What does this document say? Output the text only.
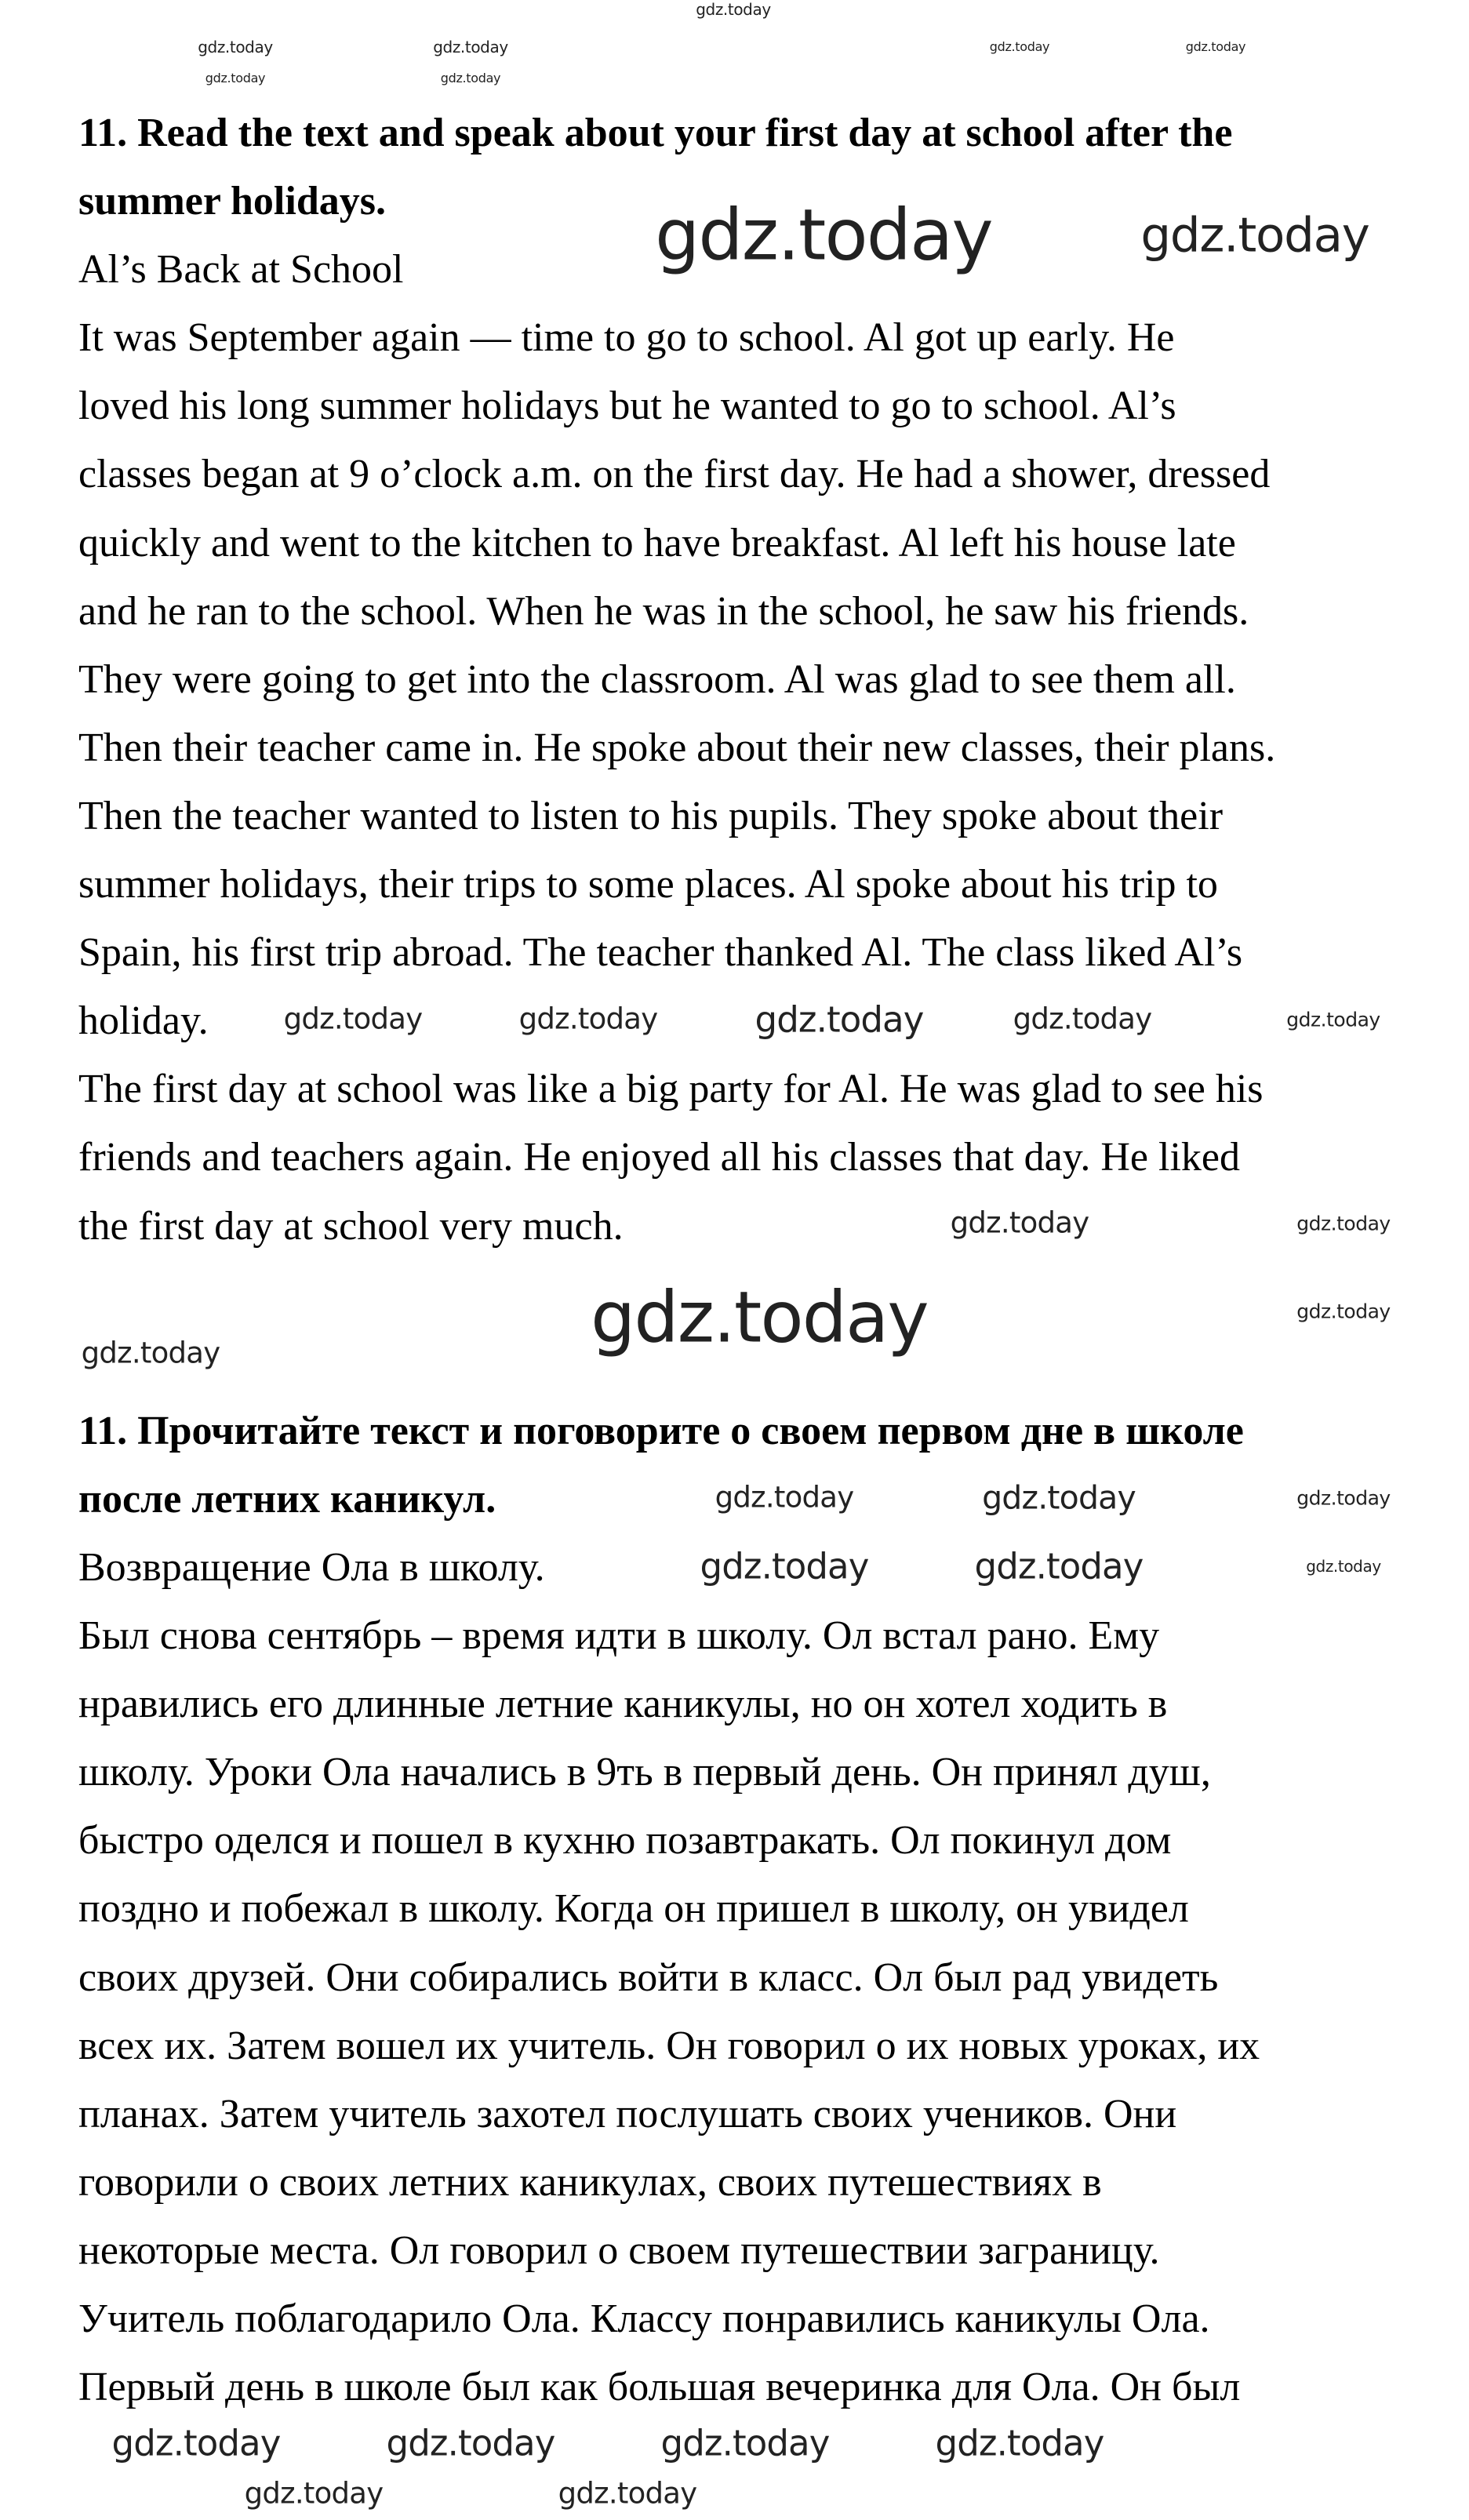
11. Read the text and speak about your first day at school after the
summer holidays.
Al’s Back at School
It was September again — time to go to school. Al got up early. He
loved his long summer holidays but he wanted to go to school. Al’s
classes began at 9 o’clock a.m. on the first day. He had a shower, dressed
quickly and went to the kitchen to have breakfast. Al left his house late
and he ran to the school. When he was in the school, he saw his friends.
They were going to get into the classroom. Al was glad to see them all.
Then their teacher came in. He spoke about their new classes, their plans.
Then the teacher wanted to listen to his pupils. They spoke about their
summer holidays, their trips to some places. Al spoke about his trip to
Spain, his first trip abroad. The teacher thanked Al. The class liked Al’s
holiday.
The first day at school was like a big party for Al. He was glad to see his
friends and teachers again. He enjoyed all his classes that day. He liked
the first day at school very much.
11. Прочитайте текст и поговорите о своем первом дне в школе
после летних каникул.
Возвращение Ола в школу.
Был снова сентябрь – время идти в школу. Ол встал рано. Ему
нравились его длинные летние каникулы, но он хотел ходить в
школу. Уроки Ола начались в 9ть в первый день. Он принял душ,
быстро оделся и пошел в кухню позавтракать. Ол покинул дом
поздно и побежал в школу. Когда он пришел в школу, он увидел
своих друзей. Они собирались войти в класс. Ол был рад увидеть
всех их. Затем вошел их учитель. Он говорил о их новых уроках, их
планах. Затем учитель захотел послушать своих учеников. Они
говорили о своих летних каникулах, своих путешествиях в
некоторые места. Ол говорил о своем путешествии заграницу.
Учитель поблагодарило Ола. Классу понравились каникулы Ола.
Первый день в школе был как большая вечеринка для Ола. Он был
gdz.today
gdz.today	gdz.today	gdz.today	gdz.today
gdz.today	gdz.today
gdz.today	gdz.today
gdz.today	gdz.today	gdz.today	gdz.today	gdz.today
gdz.today	gdz.today
gdz.today	gdz.today
gdz.today
gdz.today	gdz.today	gdz.today
gdz.today	gdz.today	gdz.today
gdz.today	gdz.today	gdz.today	gdz.today
gdz.today	gdz.today
